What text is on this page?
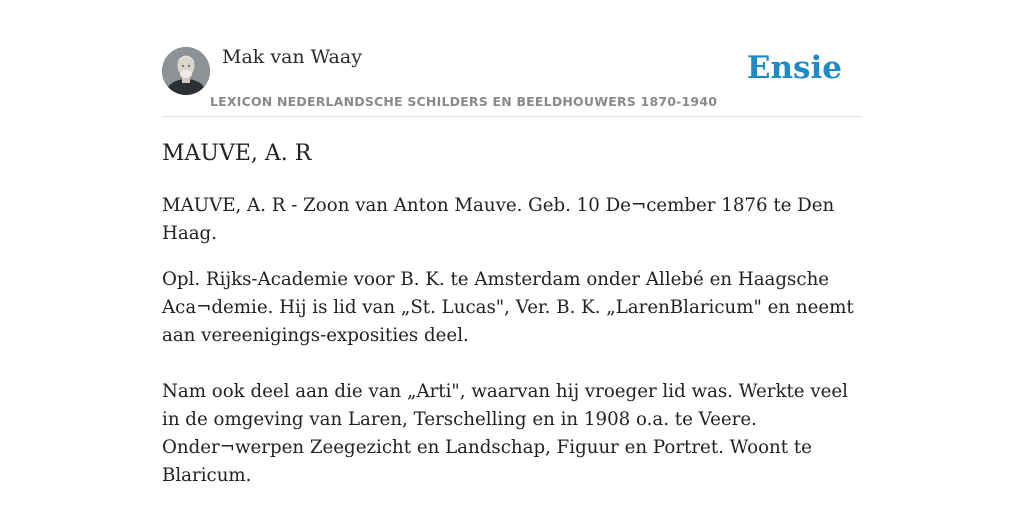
Mak van Waay
LEXICON NEDERLANDSCHE SCHILDERS EN BEELDHOUWERS 1870-1940
Ensie
MAUVE, A. R

MAUVE, A. R - Zoon van Anton Mauve. Geb. 10 De¬cember 1876 te Den Haag.

Opl. Rijks-Academie voor B. K. te Amsterdam onder Allebé en Haagsche Aca¬demie. Hij is lid van „St. Lucas", Ver. B. K. „LarenBlaricum" en neemt aan vereenigings-exposities deel.

Nam ook deel aan die van „Arti", waarvan hij vroeger lid was. Werkte veel in de omgeving van Laren, Terschelling en in 1908 o.a. te Veere. Onder¬werpen Zeegezicht en Landschap, Figuur en Portret. Woont te Blaricum.
